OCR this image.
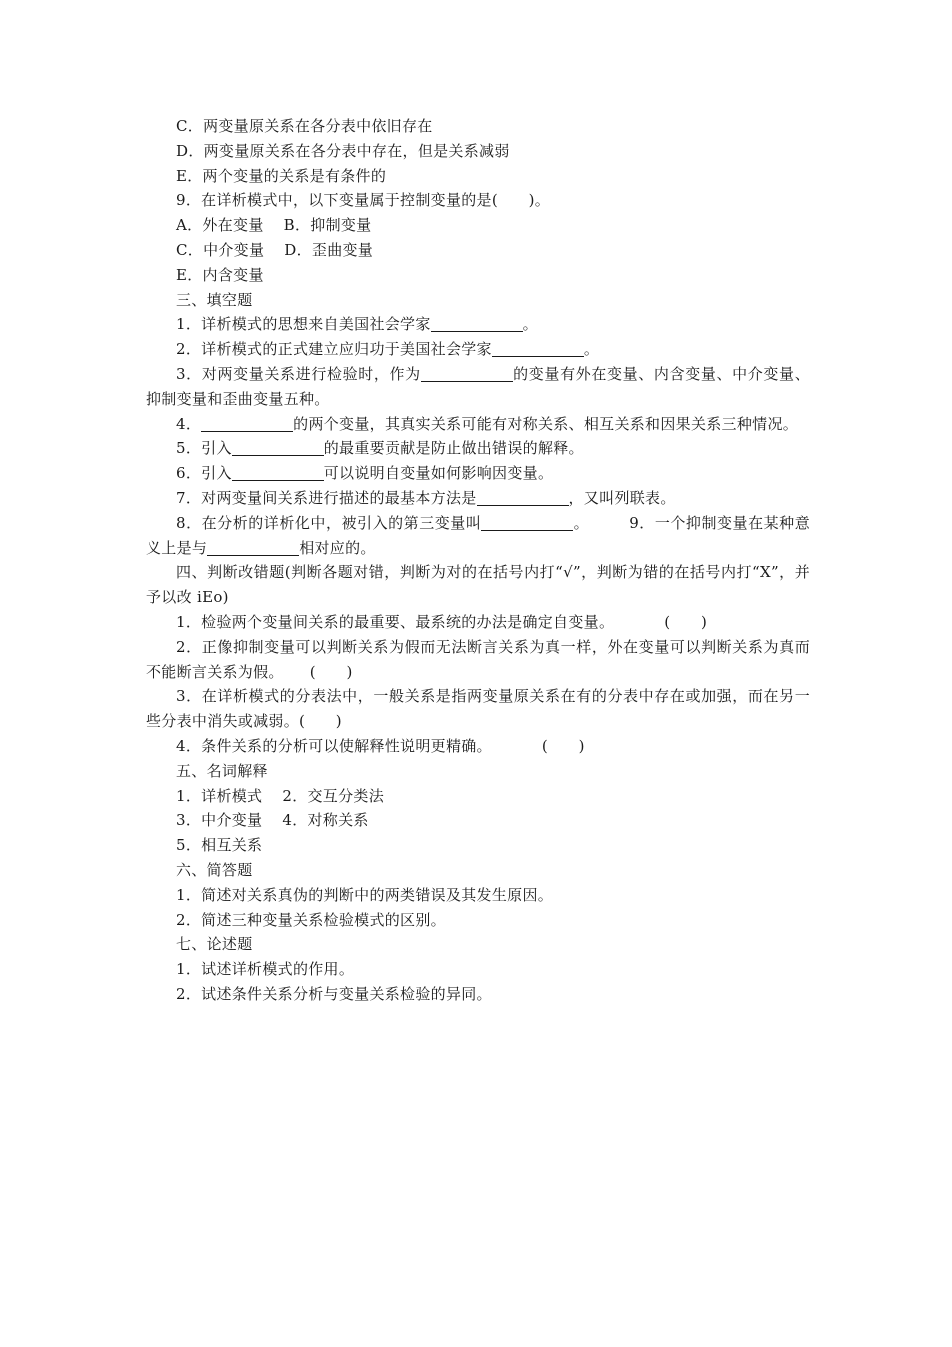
C．两变量原关系在各分表中依旧存在

D．两变量原关系在各分表中存在，但是关系减弱

E．两个变量的关系是有条件的

9．在详析模式中，以下变量属于控制变量的是(　　)。

A．外在变量 B．抑制变量

C．中介变量 D．歪曲变量

E．内含变量

三、填空题

1．详析模式的思想来自美国社会学家	。

2．详析模式的正式建立应归功于美国社会学家	。

3．对两变量关系进行检验时，作为	的变量有外在变量、内含变量、中介变量、抑制变量和歪曲变量五种。

4．	的两个变量，其真实关系可能有对称关系、相互关系和因果关系三种情况。

5．引入	的最重要贡献是防止做出错误的解释。

6．引入	可以说明自变量如何影响因变量。

7．对两变量间关系进行描述的最基本方法是	，又叫列联表。

8．在分析的详析化中，被引入的第三变量叫	。	9．一个抑制变量在某种意义上是与	相对应的。

四、判断改错题(判断各题对错，判断为对的在括号内打“√”，判断为错的在括号内打“X”，并予以改 iEo)

1．检验两个变量间关系的最重要、最系统的办法是确定自变量。	(　　)

2．正像抑制变量可以判断关系为假而无法断言关系为真一样，外在变量可以判断关系为真而不能断言关系为假。 (　　)

3．在详析模式的分表法中，一般关系是指两变量原关系在有的分表中存在或加强，而在另一些分表中消失或减弱。(　　)

4．条件关系的分析可以使解释性说明更精确。	(　　)

五、名词解释

1．详析模式 2．交互分类法

3．中介变量 4．对称关系

5．相互关系

六、简答题

1．简述对关系真伪的判断中的两类错误及其发生原因。

2．简述三种变量关系检验模式的区别。

七、论述题

1．试述详析模式的作用。

2．试述条件关系分析与变量关系检验的异同。
